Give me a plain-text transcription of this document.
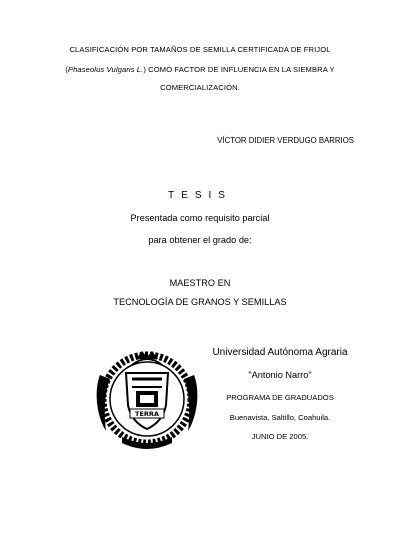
CLASIFICACIÓN POR TAMAÑOS DE SEMILLA CERTIFICADA DE FRIJOL
(Phaseolus Vulgaris L.) COMO FACTOR DE INFLUENCIA EN LA SIEMBRA Y
COMERCIALIZACIÓN.
VÍCTOR DIDIER VERDUGO BARRIOS
TESIS
Presentada como requisito parcial
para obtener el grado de:
MAESTRO EN
TECNOLOGÍA DE GRANOS Y SEMILLAS
TERRA
Universidad Autónoma Agraria
"Antonio Narro"
PROGRAMA DE GRADUADOS
Buenavista, Saltillo, Coahuila.
JUNIO DE 2005.
